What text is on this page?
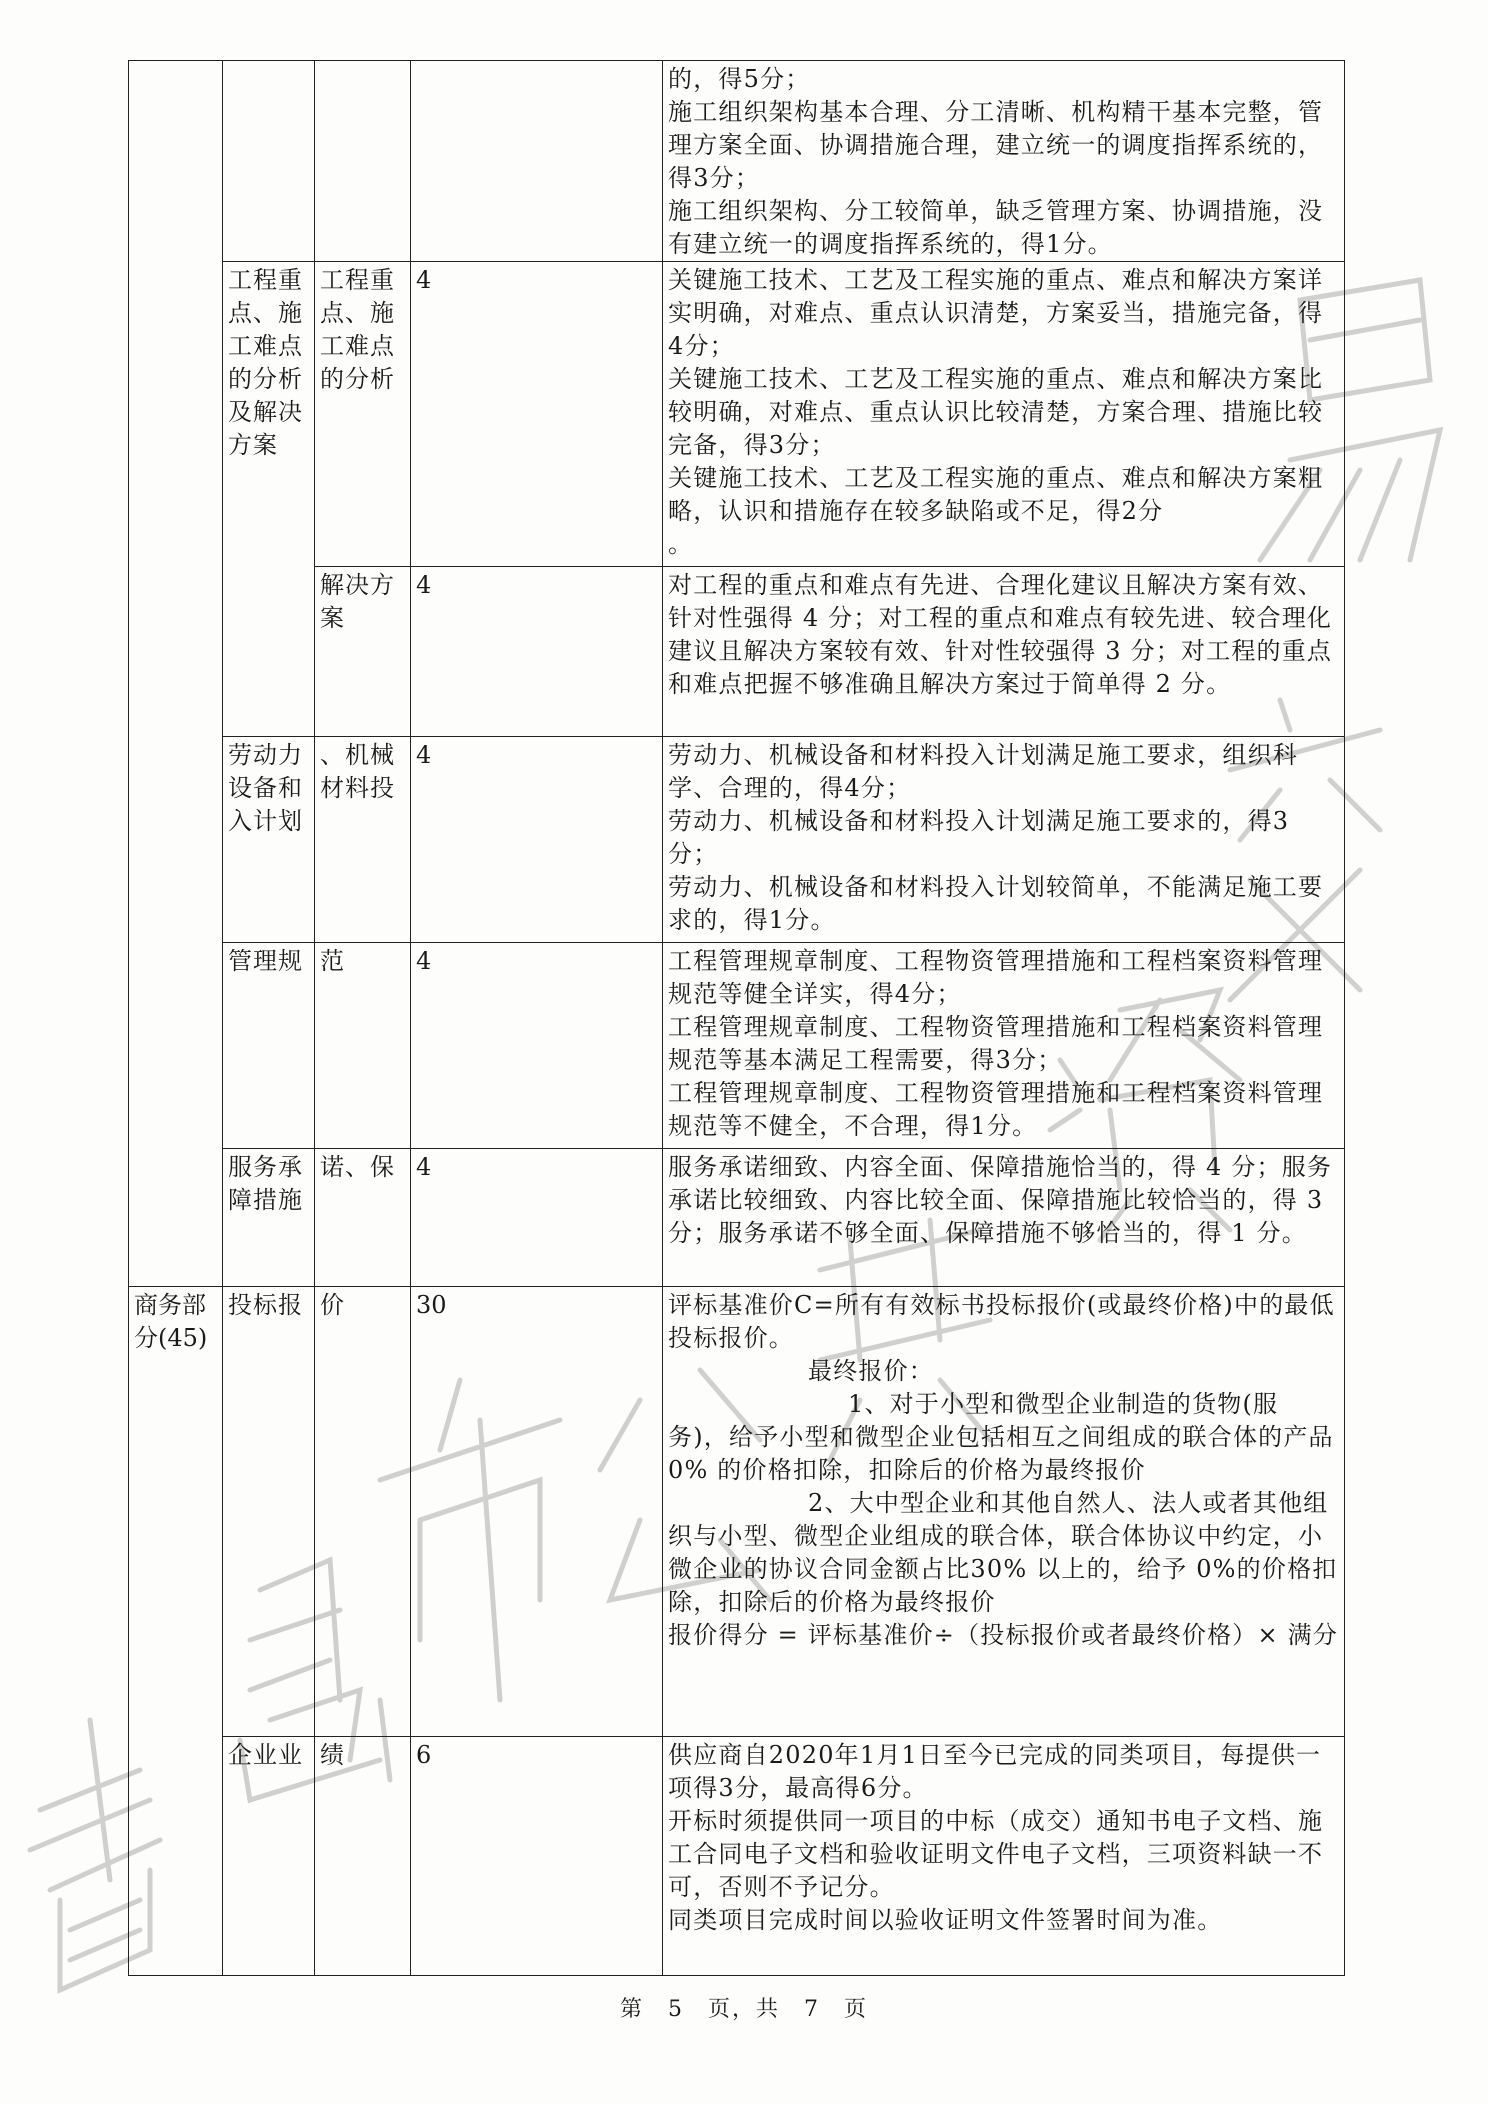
				的，得5分；
施工组织架构基本合理、分工清晰、机构精干基本完整，管理方案全面、协调措施合理，建立统一的调度指挥系统的，得3分；
施工组织架构、分工较简单，缺乏管理方案、协调措施，没有建立统一的调度指挥系统的，得1分。

	工程重点、施工难点的分析及解决方案	工程重点、施工难点的分析	4	关键施工技术、工艺及工程实施的重点、难点和解决方案详实明确，对难点、重点认识清楚，方案妥当，措施完备，得4分；
关键施工技术、工艺及工程实施的重点、难点和解决方案比较明确，对难点、重点认识比较清楚，方案合理、措施比较完备，得3分；
关键施工技术、工艺及工程实施的重点、难点和解决方案粗略，认识和措施存在较多缺陷或不足，得2分
。

		解决方案	4	对工程的重点和难点有先进、合理化建议且解决方案有效、针对性强得 4 分；对工程的重点和难点有较先进、较合理化建议且解决方案较有效、针对性较强得 3 分；对工程的重点和难点把握不够准确且解决方案过于简单得 2 分。
	劳动力设备和入计划	、机械材料投	4	劳动力、机械设备和材料投入计划满足施工要求，组织科学、合理的，得4分；
劳动力、机械设备和材料投入计划满足施工要求的，得3分；
劳动力、机械设备和材料投入计划较简单，不能满足施工要求的，得1分。

	管理规	范	4	工程管理规章制度、工程物资管理措施和工程档案资料管理规范等健全详实，得4分；
工程管理规章制度、工程物资管理措施和工程档案资料管理规范等基本满足工程需要，得3分；
工程管理规章制度、工程物资管理措施和工程档案资料管理规范等不健全，不合理，得1分。

	服务承障措施	诺、保	4	服务承诺细致、内容全面、保障措施恰当的，得 4 分；服务承诺比较细致、内容比较全面、保障措施比较恰当的，得 3 分；服务承诺不够全面、保障措施不够恰当的，得 1 分。
商务部分(45)	投标报	价	30	评标基准价C=所有有效标书投标报价(或最终价格)中的最低投标报价。
最终报价：
1、对于小型和微型企业制造的货物(服务)，给予小型和微型企业包括相互之间组成的联合体的产品 0% 的价格扣除，扣除后的价格为最终报价
2、大中型企业和其他自然人、法人或者其他组织与小型、微型企业组成的联合体，联合体协议中约定，小微企业的协议合同金额占比30% 以上的，给予 0%的价格扣除，扣除后的价格为最终报价
报价得分 = 评标基准价÷（投标报价或者最终价格）× 满分

	企业业	绩	6	供应商自2020年1月1日至今已完成的同类项目，每提供一项得3分，最高得6分。
开标时须提供同一项目的中标（成交）通知书电子文档、施工合同电子文档和验收证明文件电子文档，三项资料缺一不可，否则不予记分。
同类项目完成时间以验收证明文件签署时间为准。
第 5 页，共 7 页
